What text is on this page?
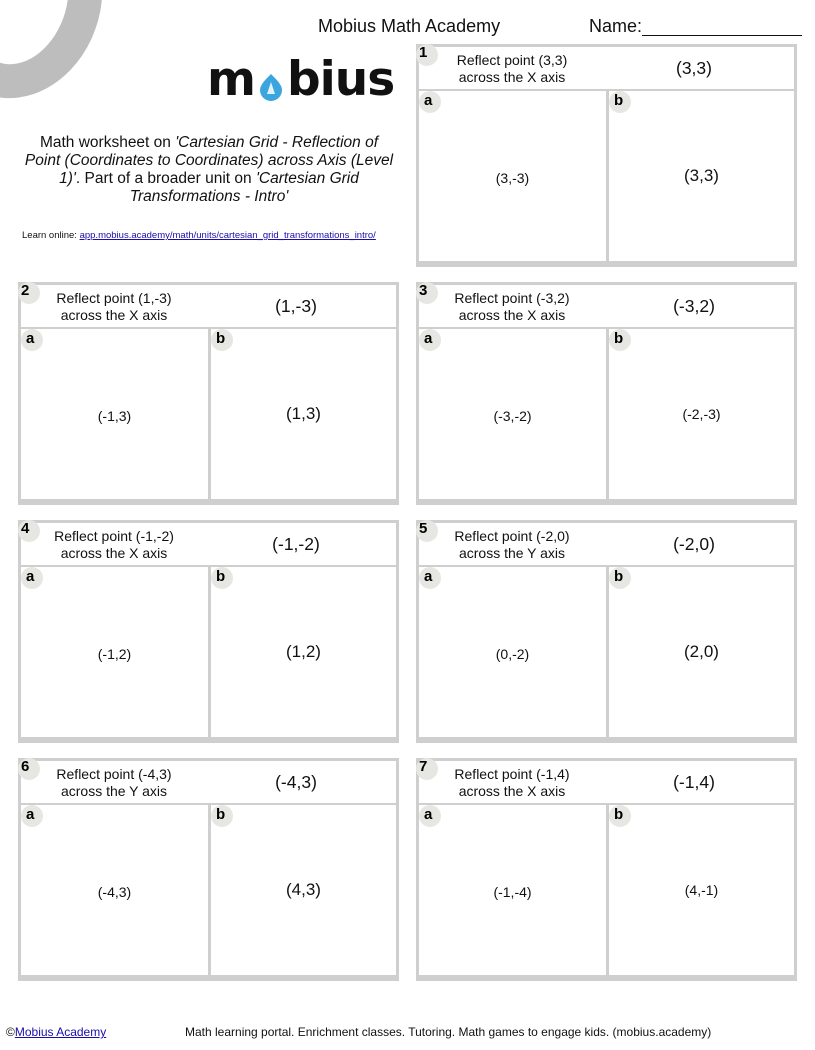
Mobius Math Academy	Name:
m bius
Math worksheet on 'Cartesian Grid - Reflection of Point (Coordinates to Coordinates) across Axis (Level 1)'. Part of a broader unit on 'Cartesian Grid Transformations - Intro'
Learn online: app.mobius.academy/math/units/cartesian_grid_transformations_intro/
1	Reflect point (3,3)
across the X axis	(3,3)
a
(3,-3)
b
(3,3)
2	Reflect point (1,-3)
across the X axis	(1,-3)
a
(-1,3)
b
(1,3)
3	Reflect point (-3,2)
across the X axis	(-3,2)
a
(-3,-2)
b
(-2,-3)
4	Reflect point (-1,-2)
across the X axis	(-1,-2)
a
(-1,2)
b
(1,2)
5	Reflect point (-2,0)
across the Y axis	(-2,0)
a
(0,-2)
b
(2,0)
6	Reflect point (-4,3)
across the Y axis	(-4,3)
a
(-4,3)
b
(4,3)
7	Reflect point (-1,4)
across the X axis	(-1,4)
a
(-1,-4)
b
(4,-1)
©Mobius Academy	Math learning portal. Enrichment classes. Tutoring. Math games to engage kids. (mobius.academy)
